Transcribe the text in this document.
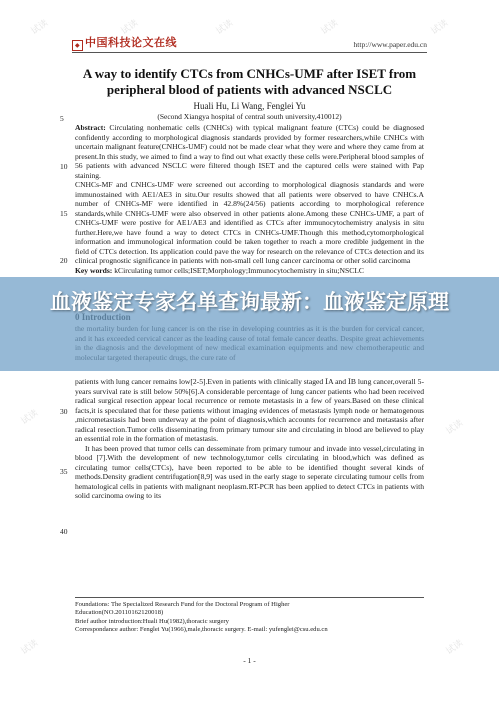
试读	试读	试读	试读	试读
试读
试读
试读	试读
◆ 中国科技论文在线	http://www.paper.edu.cn
A way to identify CTCs from CNHCs-UMF after ISET from
peripheral blood of patients with advanced NSCLC
Huali Hu, Li Wang, Fenglei Yu
(Second Xiangya hospital of central south university,410012)
5
10
15
20
30
35
40

Abstract: Circulating nonhematic cells (CNHCs) with typical malignant feature (CTCs) could be diagnosed confidently according to morphological diagnosis standards provided by former researchers,while CNHCs with uncertain malignant feature(CNHCs-UMF) could not be made clear what they were and where they came from at present.In this study, we aimed to find a way to find out what exactly these cells were.Peripheral blood samples of 56 patients with advanced NSCLC were filtered though ISET and the captured cells were stained with Pap staining.

CNHCs-MF and CNHCs-UMF were screened out according to morphological diagnosis standards and were immunostained with AE1/AE3 in situ.Our results showed that all patients were observed to have CNHCs.A number of CNHCs-MF were identified in 42.8%(24/56) patients according to morphological reference standards,while CNHCs-UMF were also observed in other patients alone.Among these CNHCs-UMF, a part of CNHCs-UMF were postive for AE1/AE3 and identified as CTCs after immunocytochemistry analysis in situ further.Here,we have found a way to detect CTCs in CNHCs-UMF.Though this method,cytomorphological information and immunological information could be taken together to reach a more credible judgement in the field of CTCs detection. Its application could pave the way for research on the relevance of CTCs detection and its clinical prognostic significance in patients with non-small cell lung cancer carcinoma or other solid carcinoma

Key words: kCirculating tumor cells;ISET;Morphology;Immunocytochemistry in situ;NSCLC

血液鉴定专家名单查询最新：血液鉴定原理

patients with lung cancer remains low[2-5].Even in patients with clinically staged ⅠA and ⅠB lung cancer,overall 5-years survival rate is still below 50%[6].A considerable percentage of lung cancer patients who had been received radical surgical resection appear local recurrence or remote metastasis in a few of years.Based on these clinical facts,it is speculated that for these patients without imaging evidences of metastasis lymph node or hematogenous ,micrometastasis had been underway at the point of diagnosis,which accounts for recurrence and metastasis after radical resection.Tumor cells disseminating from primary tumour site and circulating in blood are believed to play an essential role in the formation of metastasis.

It has been proved that tumor cells can desseminate from primary tumour and invade into vessel,circulating in blood [7].With the development of new technology,tumor cells circulating in blood,which was defined as circulating tumor cells(CTCs), have been reported to be able to be identified thought several kinds of methods.Density gradient centrifugation[8,9] was used in the early stage to seperate circulating tumour cells from hematological cells in patients with malignant neoplasm.RT-PCR has been applied to detect CTCs in patients with solid carcinoma owing to its

Foundations: The Specialized Research Fund for the Doctoral Program of Higher
Education(NO.20110162120018)
Brief author introduction:Huali Hu(1982),thoracic surgery
Correspondance author: Fenglei Yu(1966),male,thoracic surgery. E-mail: yufenglei@csu.edu.cn
- 1 -
